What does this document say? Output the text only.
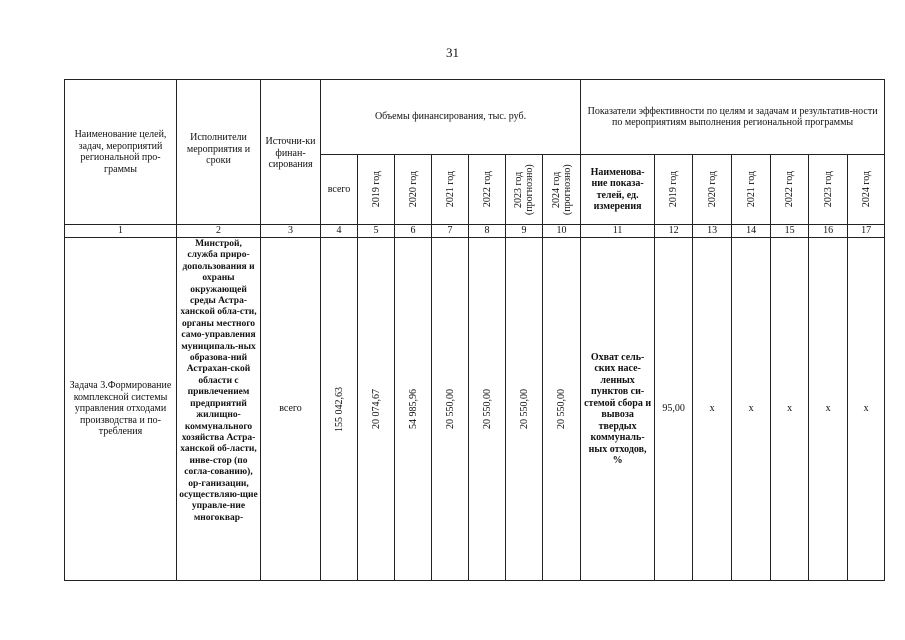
31
Наименование целей, задач, мероприятий региональной про-граммы	Исполнители мероприятия и сроки	Источни-ки финан-сирования	Объемы финансирования, тыс. руб.							Показатели эффективности по целям и задачам и результатив-ности по мероприятиям выполнения региональной программы						
			всего	2019 год	2020 год	2021 год	2022 год	2023 год (прогнозно)	2024 год (прогнозно)	Наименова-ние показа-телей, ед. измерения	2019 год	2020 год	2021 год	2022 год	2023 год	2024 год

1	2	3	4	5	6	7	8	9	10	11	12	13	14	15	16	17
Задача 3.Формирование комплексной системы управления отходами производства и по-требления	Минстрой, служба приро-допользования и охраны окружающей среды Астра-ханской обла-сти, органы местного само-управления муниципаль-ных образова-ний Астрахан-ской области с привлечением предприятий жилищно-коммунального хозяйства Астра-ханской об-ласти, инве-стор (по согла-сованию), ор-ганизации, осуществляю-щие управле-ние многоквар-	всего	155 042,63	20 074,67	54 985,96	20 550,00	20 550,00	20 550,00	20 550,00	Охват сель-ских насе-ленных пунктов си-стемой сбора и вывоза твердых коммуналь-ных отходов, %	95,00	x	x	x	x	x
